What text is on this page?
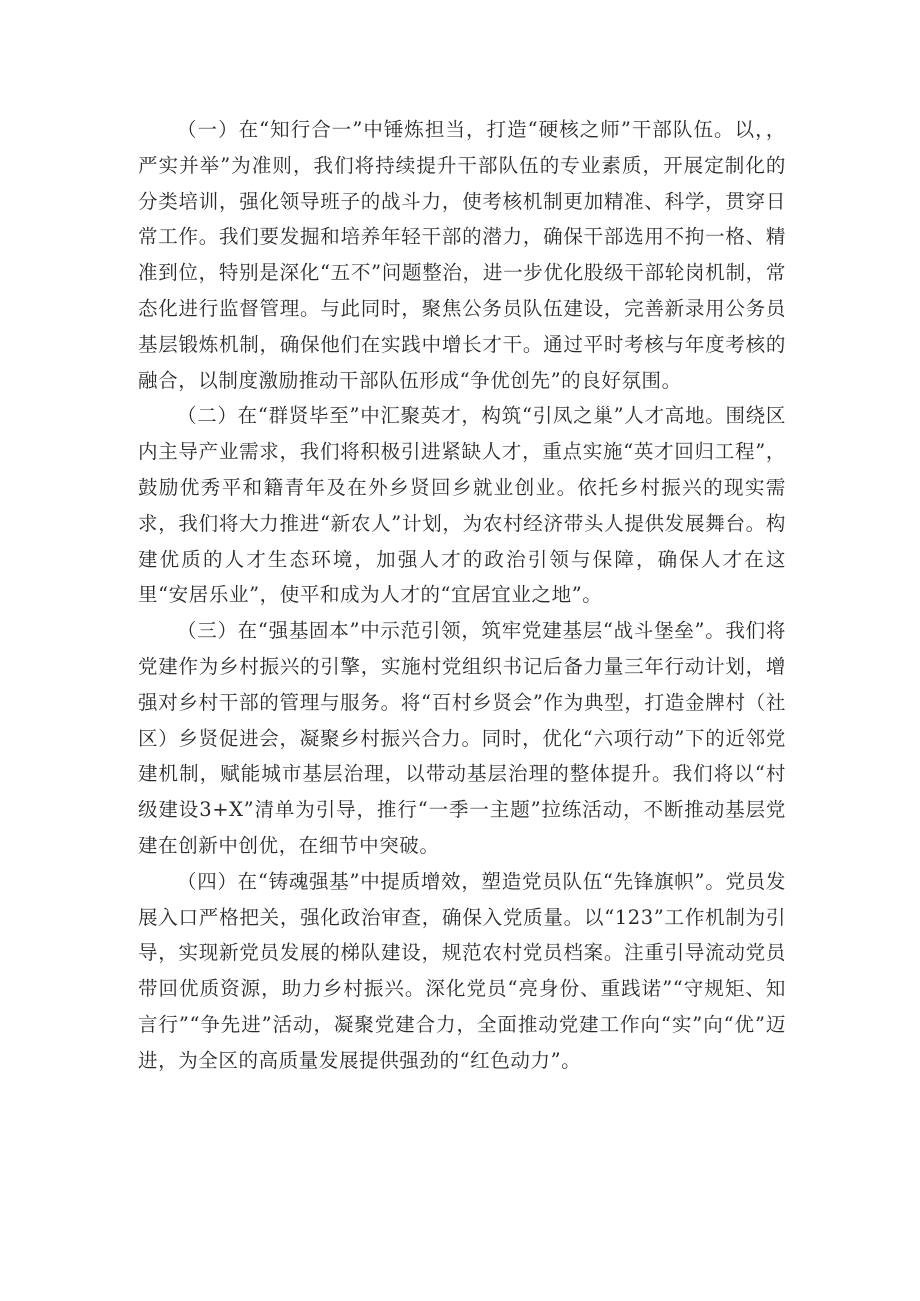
（一）在“知行合一”中锤炼担当，打造“硬核之师”干部队伍。以，，严实并举”为准则，我们将持续提升干部队伍的专业素质，开展定制化的分类培训，强化领导班子的战斗力，使考核机制更加精准、科学，贯穿日常工作。我们要发掘和培养年轻干部的潜力，确保干部选用不拘一格、精准到位，特别是深化“五不”问题整治，进一步优化股级干部轮岗机制，常态化进行监督管理。与此同时，聚焦公务员队伍建设，完善新录用公务员基层锻炼机制，确保他们在实践中增长才干。通过平时考核与年度考核的融合，以制度激励推动干部队伍形成“争优创先”的良好氛围。

（二）在“群贤毕至”中汇聚英才，构筑“引凤之巢”人才高地。围绕区内主导产业需求，我们将积极引进紧缺人才，重点实施“英才回归工程”，鼓励优秀平和籍青年及在外乡贤回乡就业创业。依托乡村振兴的现实需求，我们将大力推进“新农人”计划，为农村经济带头人提供发展舞台。构建优质的人才生态环境，加强人才的政治引领与保障，确保人才在这里“安居乐业”，使平和成为人才的“宜居宜业之地”。

（三）在“强基固本”中示范引领，筑牢党建基层“战斗堡垒”。我们将党建作为乡村振兴的引擎，实施村党组织书记后备力量三年行动计划，增强对乡村干部的管理与服务。将“百村乡贤会”作为典型，打造金牌村（社区）乡贤促进会，凝聚乡村振兴合力。同时，优化“六项行动”下的近邻党建机制，赋能城市基层治理，以带动基层治理的整体提升。我们将以“村级建设3+X”清单为引导，推行“一季一主题”拉练活动，不断推动基层党建在创新中创优，在细节中突破。

（四）在“铸魂强基”中提质增效，塑造党员队伍“先锋旗帜”。党员发展入口严格把关，强化政治审查，确保入党质量。以“123”工作机制为引导，实现新党员发展的梯队建设，规范农村党员档案。注重引导流动党员带回优质资源，助力乡村振兴。深化党员“亮身份、重践诺”“守规矩、知言行”“争先进”活动，凝聚党建合力，全面推动党建工作向“实”向“优”迈进，为全区的高质量发展提供强劲的“红色动力”。
